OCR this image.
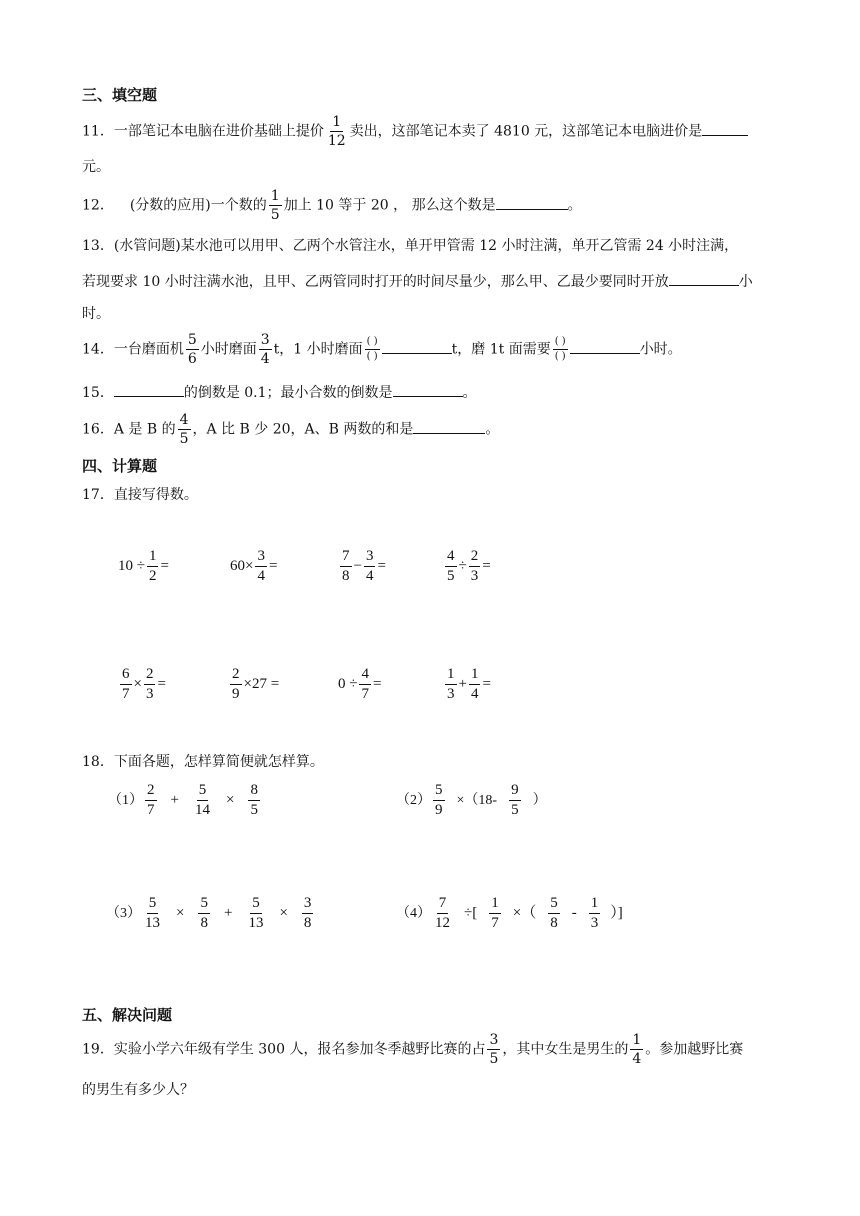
三、填空题
11．一部笔记本电脑在进价基础上提价 $\frac{1}{12}$ 卖出，这部笔记本卖了 4810 元，这部笔记本电脑进价是
元。
12． (分数的应用)一个数的 $\frac{1}{5}$ 加上 10 等于 20 ， 那么这个数是	。
13．(水管问题)某水池可以用甲、乙两个水管注水，单开甲管需 12 小时注满，单开乙管需 24 小时注满，
若现要求 10 小时注满水池，且甲、乙两管同时打开的时间尽量少，那么甲、乙最少要同时开放	小
时。
14．一台磨面机 $\frac{5}{6}$ 小时磨面 $\frac{3}{4}$ t，1 小时磨面 $\frac{( )}{( )}$	t，磨 1t 面需要 $\frac{( )}{( )}$	小时。
15．	的倒数是 0.1；最小合数的倒数是	。
16．A 是 B 的 $\frac{4}{5}$ ，A 比 B 少 20，A、B 两数的和是	。
四、计算题
17．直接写得数。
$10 \div \frac{1}{2}$ =	$60\times \frac{3}{4}$ =	$\frac{7}{8} - \frac{3}{4}$ =	$\frac{4}{5} \div \frac{2}{3}$ =
$\frac{6}{7} \times \frac{2}{3}$ =	$\frac{2}{9} \times 27$ =	$0 \div \frac{4}{7}$ =	$\frac{1}{3} + \frac{1}{4}$ =
18．下面各题，怎样算简便就怎样算。
$(1) \frac{2}{7} + \frac{5}{14} \times \frac{8}{5}$	$(2) \frac{5}{9} \times(18- \frac{9}{5}$ ）
$(3) \frac{5}{13} \times \frac{5}{8} + \frac{5}{13} \times \frac{3}{8}$	$(4) \frac{7}{12}$ ÷[ $\frac{1}{7}$ ×（ $\frac{5}{8} - \frac{1}{3}$ ）]
五、解决问题
19．实验小学六年级有学生 300 人，报名参加冬季越野比赛的占 $\frac{3}{5}$ ，其中女生是男生的 $\frac{1}{4}$ 。参加越野比赛
的男生有多少人？
